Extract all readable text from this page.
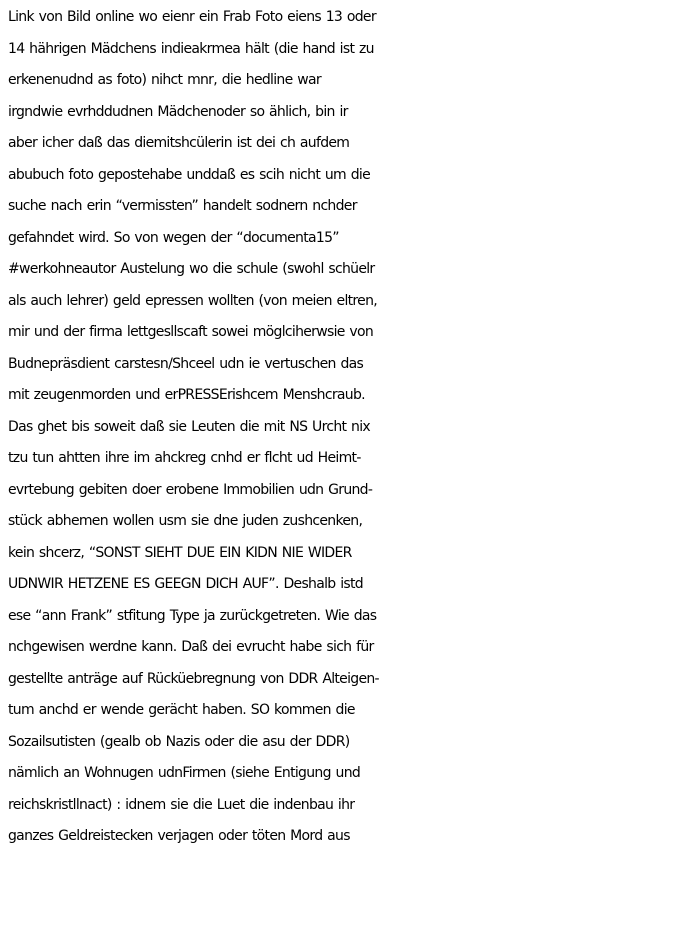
Link von Bild online wo eienr ein Frab Foto eiens 13 oder
14 hährigen Mädchens indieakrmea hält (die hand ist zu
erkenenudnd as foto) nihct mnr, die hedline war
irgndwie evrhddudnen Mädchenoder so ählich, bin ir
aber icher daß das diemitshcülerin ist dei ch aufdem
abubuch foto gepostehabe unddaß es scih nicht um die
suche nach erin “vermissten” handelt sodnern nchder
gefahndet wird. So von wegen der “documenta15”
#werkohneautor Austelung wo die schule (swohl schüelr
als auch lehrer) geld epressen wollten (von meien eltren,
mir und der firma lettgesllscaft sowei möglciherwsie von
Budnepräsdient carstesn/Shceel udn ie vertuschen das
mit zeugenmorden und erPRESSErishcem Menshcraub.
Das ghet bis soweit daß sie Leuten die mit NS Urcht nix
tzu tun ahtten ihre im ahckreg cnhd er flcht ud Heimt-
evrtebung gebiten doer erobene Immobilien udn Grund-
stück abhemen wollen usm sie dne juden zushcenken,
kein shcerz, “SONST SIEHT DUE EIN KIDN NIE WIDER
UDNWIR HETZENE ES GEEGN DICH AUF”. Deshalb istd
ese “ann Frank” stfitung Type ja zurückgetreten. Wie das
nchgewisen werdne kann. Daß dei evrucht habe sich für
gestellte anträge auf Rücküebregnung von DDR Alteigen-
tum anchd er wende gerächt haben. SO kommen die
Sozailsutisten (gealb ob Nazis oder die asu der DDR)
nämlich an Wohnugen udnFirmen (siehe Entigung und
reichskristllnact) : idnem sie die Luet die indenbau ihr
ganzes Geldreistecken verjagen oder töten Mord aus
